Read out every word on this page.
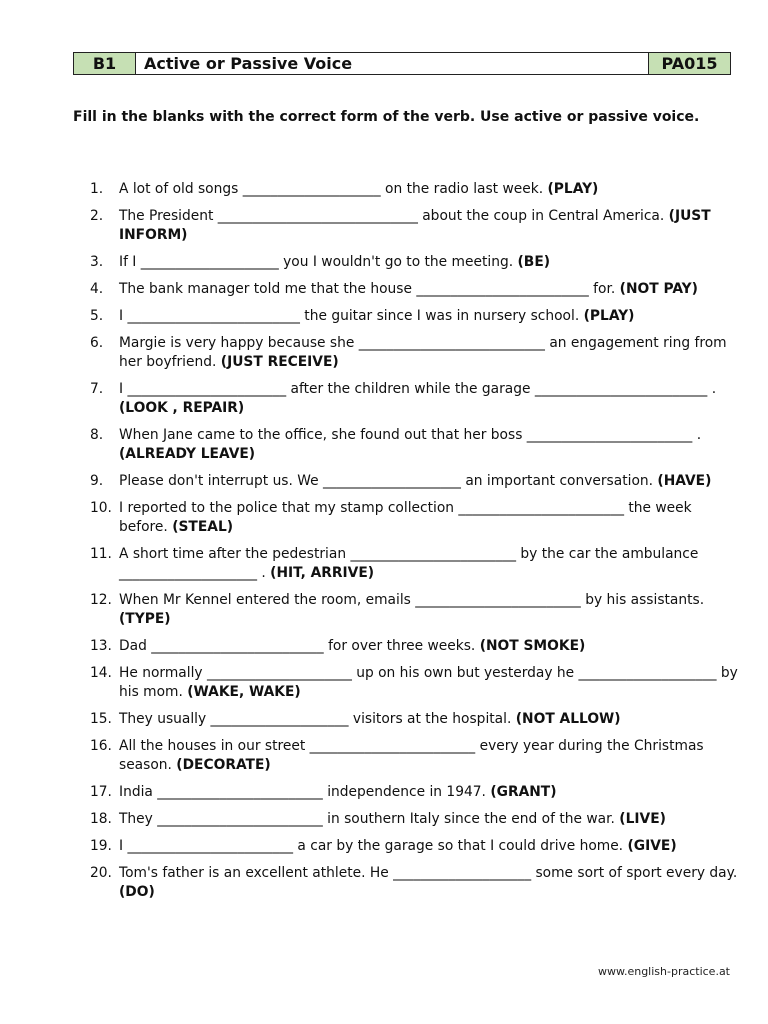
B1	Active or Passive Voice	PA015
Fill in the blanks with the correct form of the verb. Use active or passive voice.
1. A lot of old songs ____________________ on the radio last week. (PLAY)
2. The President _____________________________ about the coup in Central America. (JUST INFORM)
3. If I ____________________ you I wouldn't go to the meeting. (BE)
4. The bank manager told me that the house _________________________ for. (NOT PAY)
5. I _________________________ the guitar since I was in nursery school. (PLAY)
6. Margie is very happy because she ___________________________ an engagement ring from her boyfriend. (JUST RECEIVE)
7. I _______________________ after the children while the garage _________________________ . (LOOK , REPAIR)
8. When Jane came to the office, she found out that her boss ________________________ . (ALREADY LEAVE)
9. Please don't interrupt us. We ____________________ an important conversation. (HAVE)
10. I reported to the police that my stamp collection ________________________ the week before. (STEAL)
11. A short time after the pedestrian ________________________ by the car the ambulance ____________________ . (HIT, ARRIVE)
12. When Mr Kennel entered the room, emails ________________________ by his assistants. (TYPE)
13. Dad _________________________ for over three weeks. (NOT SMOKE)
14. He normally _____________________ up on his own but yesterday he ____________________ by his mom. (WAKE, WAKE)
15. They usually ____________________ visitors at the hospital. (NOT ALLOW)
16. All the houses in our street ________________________ every year during the Christmas season. (DECORATE)
17. India ________________________ independence in 1947. (GRANT)
18. They ________________________ in southern Italy since the end of the war. (LIVE)
19. I ________________________ a car by the garage so that I could drive home. (GIVE)
20. Tom's father is an excellent athlete. He ____________________ some sort of sport every day. (DO)
www.english-practice.at
